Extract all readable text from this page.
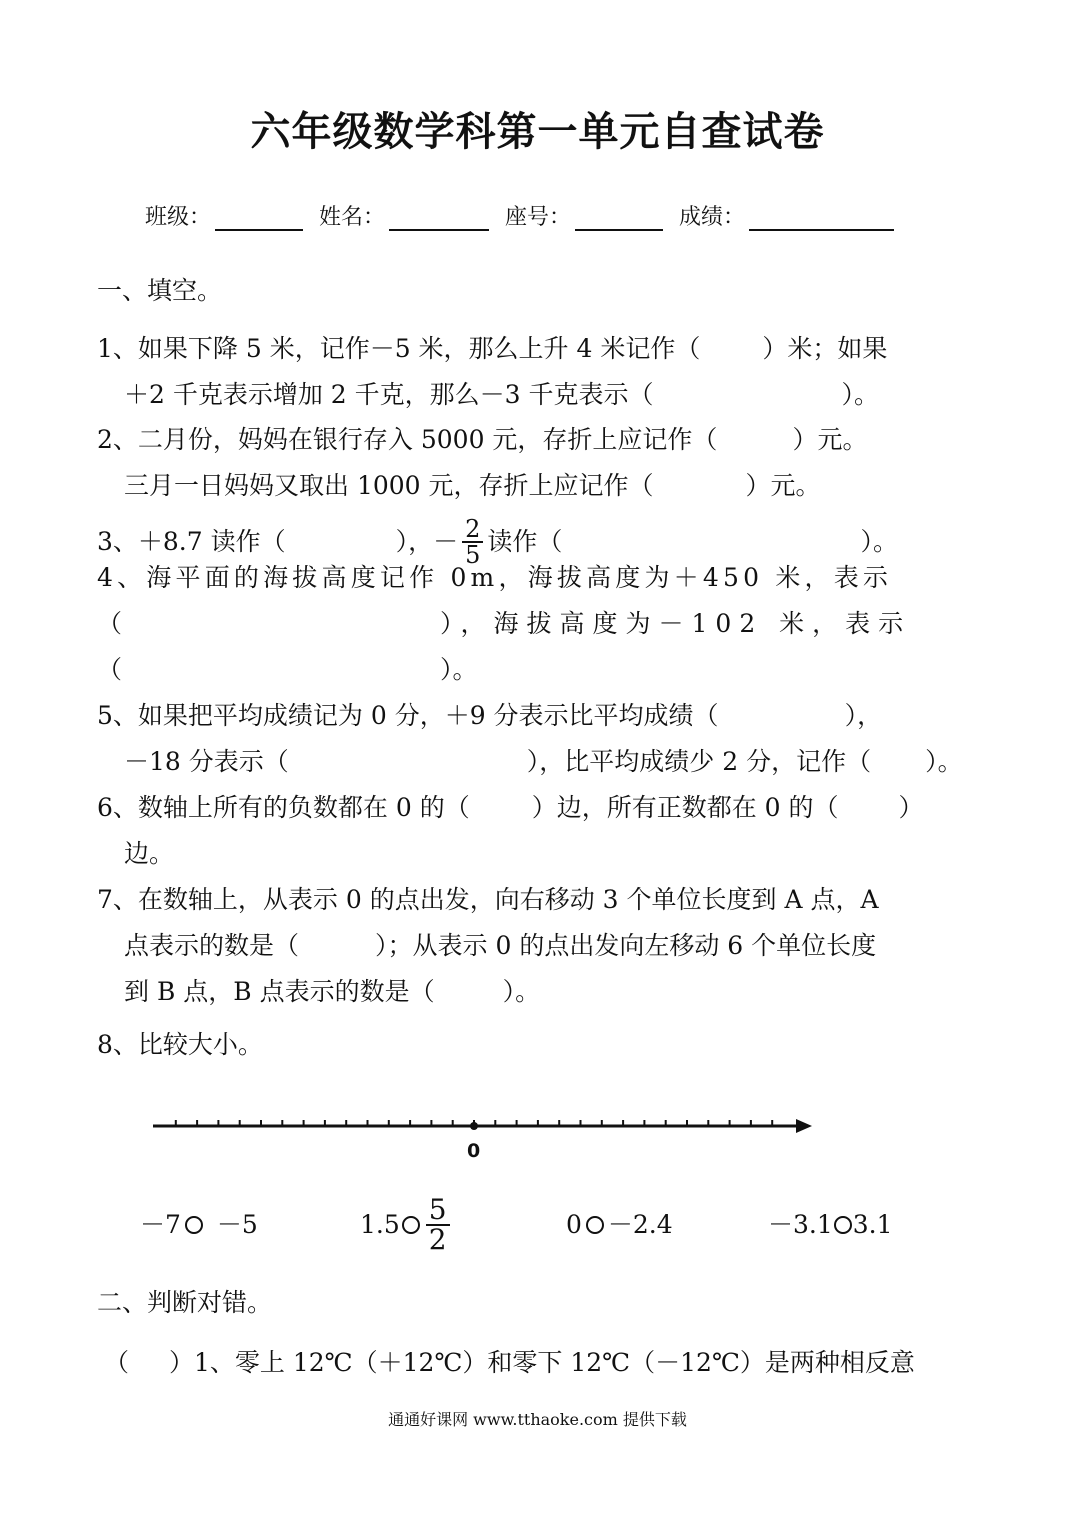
六年级数学科第一单元自查试卷
班级：	姓名：	座号：	成绩：
一、填空。
1、如果下降 5 米，记作－5 米，那么上升 4 米记作（ ）米；如果
＋2 千克表示增加 2 千克，那么－3 千克表示（	）。
2、二月份，妈妈在银行存入 5000 元，存折上应记作（	）元。
三月一日妈妈又取出 1000 元，存折上应记作（	）元。
3、＋8.7 读作（	），－ $\frac{2}{5}$ 读作（	）。
4、海平面的海拔高度记作 0m，海拔高度为＋450 米，表示
（	），海拔高度为－102 米，表示
（	）。
5、如果把平均成绩记为 0 分，＋9 分表示比平均成绩（	），
－18 分表示（	），比平均成绩少 2 分，记作（ ）。
6、数轴上所有的负数都在 0 的（ ）边，所有正数都在 0 的（ ）
边。
7、在数轴上，从表示 0 的点出发，向右移动 3 个单位长度到 A 点，A
点表示的数是（	）；从表示 0 的点出发向左移动 6 个单位长度
到 B 点，B 点表示的数是（	）。
8、比较大小。
0
－7 －5	$1.5 \frac{5}{2}$	0 －2.4	－3.1 3.1
二、判断对错。
（ ）1、零上 12℃（＋12℃）和零下 12℃（－12℃）是两种相反意
通通好课网 www.tthaoke.com 提供下载
